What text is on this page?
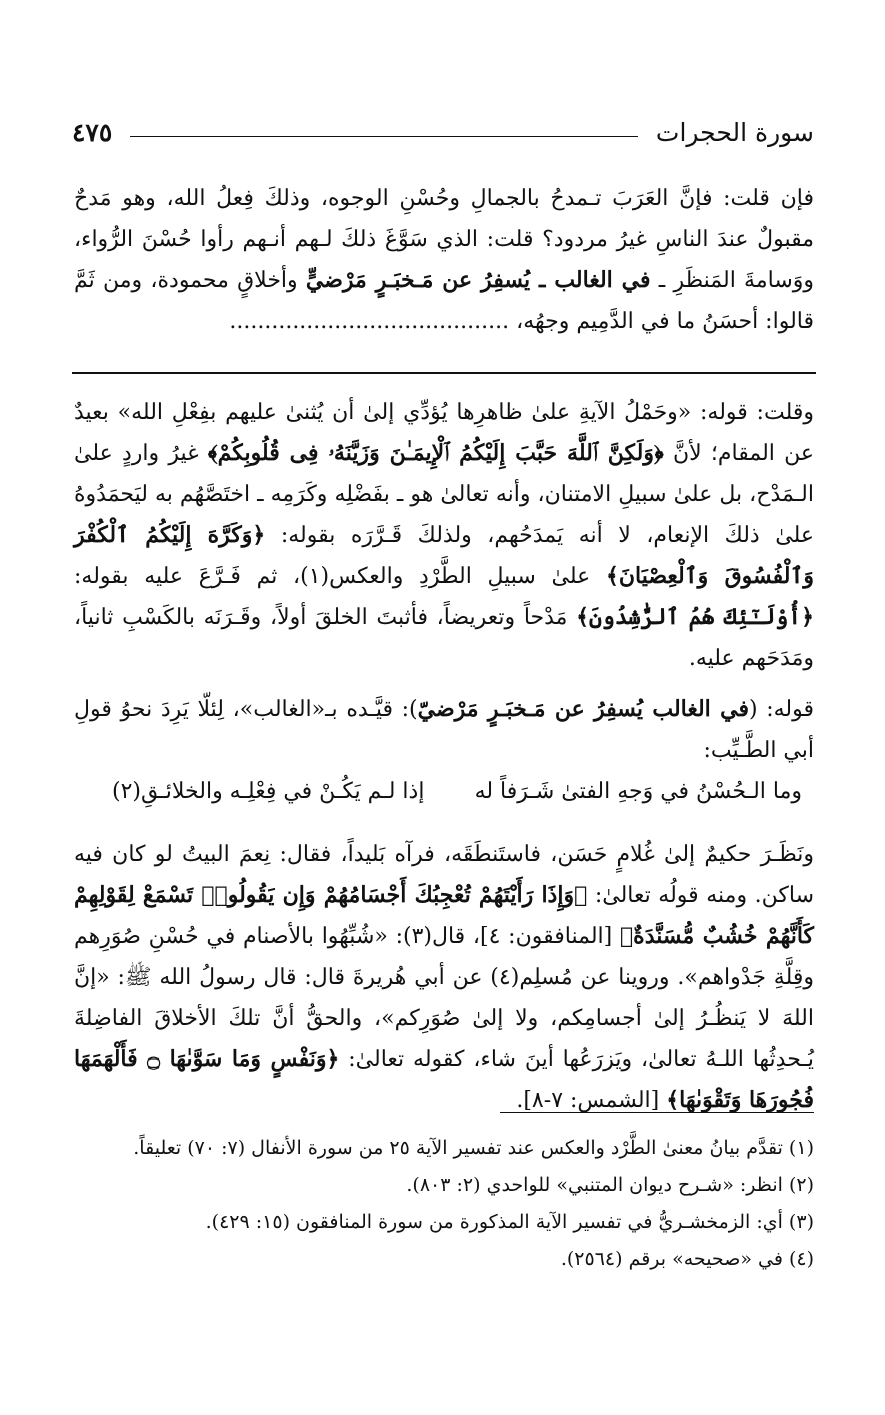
سورة الحجرات
٤٧٥
فإن قلت: فإنَّ العَرَبَ تـمدحُ بالجمالِ وحُسْنِ الوجوه، وذلكَ فِعلُ الله، وهو مَدحٌ مقبولٌ عندَ الناسِ غيرُ مردود؟ قلت: الذي سَوَّغَ ذلكَ لـهم أنـهم رأوا حُسْنَ الرُّواء، ووَسامةَ المَنظَرِ ـ في الغالب ـ يُسفِرُ عن مَـخبَـرٍ مَرْضيٍّ وأخلاقٍ محمودة، ومن ثَمَّ قالوا: أحسَنُ ما في الدَّمِيم وجهُه، ........................................

وقلت: قوله: «وحَمْلُ الآيةِ علىٰ ظاهرِها يُؤدِّي إلىٰ أن يُثنىٰ عليهم بفِعْلِ الله» بعيدٌ عن المقام؛ لأنَّ ﴿وَلَكِنَّ ٱللَّهَ حَبَّبَ إِلَيْكُمُ ٱلْإِيمَـٰنَ وَزَيَّنَهُۥ فِى قُلُوبِكُمْ﴾ غيرُ واردٍ علىٰ الـمَدْح، بل علىٰ سبيلِ الامتنان، وأنه تعالىٰ هو ـ بفَضْلِه وكَرَمِه ـ اختَصَّهُم به ليَحمَدُوهُ علىٰ ذلكَ الإنعام، لا أنه يَمدَحُهم، ولذلكَ قَـرَّرَه بقوله: ﴿وَكَرَّهَ إِلَيْكُمُ ٱلْكُفْرَ وَٱلْفُسُوقَ وَٱلْعِصْيَانَ﴾ علىٰ سبيلِ الطَّرْدِ والعكس(١)، ثم فَـرَّعَ عليه بقوله: ﴿أُوْلَـٰٓئِكَ هُمُ ٱلرَّٰشِدُونَ﴾ مَدْحاً وتعريضاً، فأثبتَ الخلقَ أولاً، وقَـرَنَه بالكَسْبِ ثانياً، ومَدَحَهم عليه.

قوله: (في الغالب يُسفِرُ عن مَـخبَـرٍ مَرْضيّ): قيَّـده بـ«الغالب»، لِئلّا يَرِدَ نحوُ قولِ أبي الطَّـيِّب:

وما الـحُسْنُ في وَجهِ الفتىٰ شَـرَفاً له
إذا لـم يَكُـنْ في فِعْلِـه والخلائـقِ(٢)
ونَظَـرَ حكيمٌ إلىٰ غُلامٍ حَسَن، فاستَنطَقَه، فرآه بَليداً، فقال: نِعمَ البيتُ لو كان فيه ساكن. ومنه قولُه تعالىٰ: ﴿وَإِذَا رَأَيْتَهُمْ تُعْجِبُكَ أَجْسَامُهُمْ وَإِن يَقُولُوا۟ تَسْمَعْ لِقَوْلِهِمْ كَأَنَّهُمْ خُشُبٌ مُّسَنَّدَةٌ﴾ [المنافقون: ٤]، قال(٣): «شُبِّهُوا بالأصنام في حُسْنِ صُوَرِهم وقِلَّةِ جَدْواهم». وروينا عن مُسلِم(٤) عن أبي هُريرةَ قال: قال رسولُ الله ﷺ: «إنَّ اللهَ لا يَنظُـرُ إلىٰ أجسامِكم، ولا إلىٰ صُوَرِكم»، والحقُّ أنَّ تلكَ الأخلاقَ الفاضِلةَ يُـحدِثُها اللـهُ تعالىٰ، ويَزرَعُها أينَ شاء، كقوله تعالىٰ: ﴿وَنَفْسٍ وَمَا سَوَّىٰهَا ۝ فَأَلْهَمَهَا فُجُورَهَا وَتَقْوَىٰهَا﴾ [الشمس: ٧-٨].
(١) تقدَّم بيانُ معنىٰ الطَّرْد والعكس عند تفسير الآية ٢٥ من سورة الأنفال (٧: ٧٠) تعليقاً.
(٢) انظر: «شـرح ديوان المتنبي» للواحدي (٢: ٨٠٣).
(٣) أي: الزمخشـريُّ في تفسير الآية المذكورة من سورة المنافقون (١٥: ٤٢٩).
(٤) في «صحيحه» برقم (٢٥٦٤).
